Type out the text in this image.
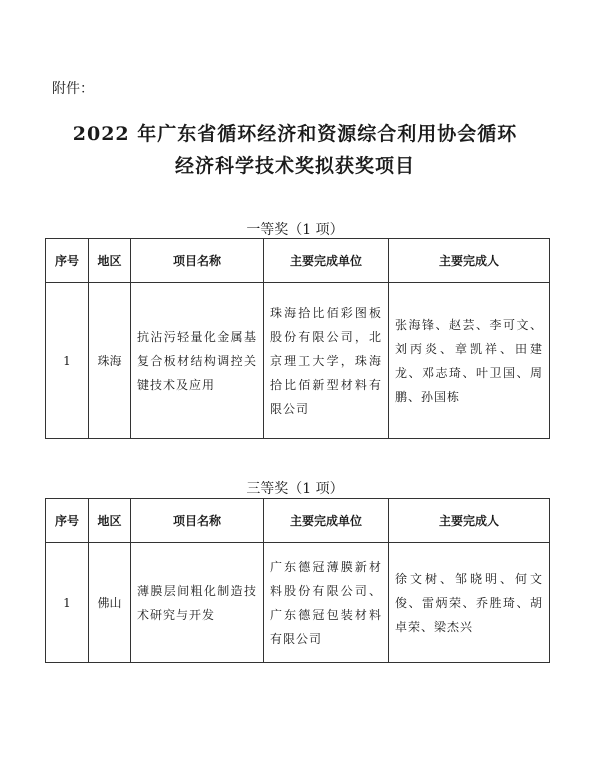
附件：
2022 年广东省循环经济和资源综合利用协会循环
经济科学技术奖拟获奖项目
一等奖（1 项）
序号	地区	项目名称	主要完成单位	主要完成人
1	珠海	抗沾污轻量化金属基复合板材结构调控关键技术及应用	珠海拾比佰彩图板股份有限公司，北京理工大学，珠海拾比佰新型材料有限公司	张海锋、赵芸、李可文、刘丙炎、章凯祥、田建龙、邓志琦、叶卫国、周鹏、孙国栋
三等奖（1 项）
序号	地区	项目名称	主要完成单位	主要完成人
1	佛山	薄膜层间粗化制造技术研究与开发	广东德冠薄膜新材料股份有限公司、广东德冠包装材料有限公司	徐文树、邹晓明、何文俊、雷炳荣、乔胜琦、胡卓荣、梁杰兴
